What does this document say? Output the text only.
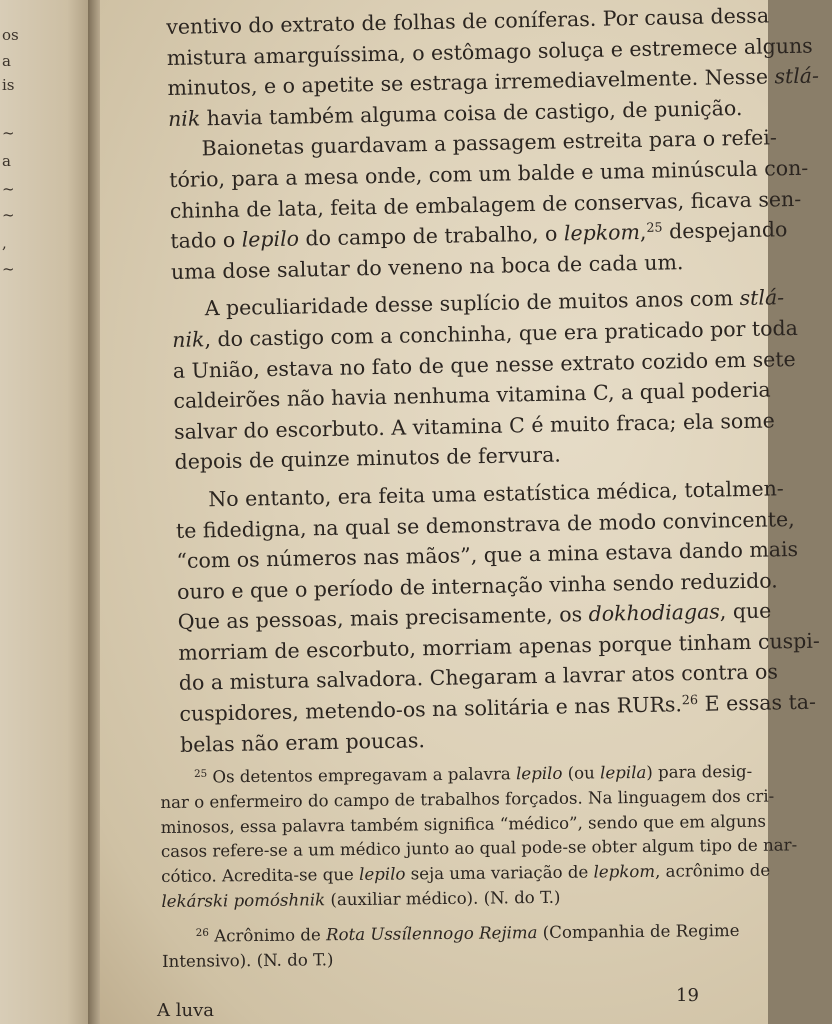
os
a
is
~
a
~
~
,
~
ventivo do extrato de folhas de coníferas. Por causa dessa
mistura amarguíssima, o estômago soluça e estremece alguns
minutos, e o apetite se estraga irremediavelmente. Nesse stlá-
nik havia também alguma coisa de castigo, de punição.
Baionetas guardavam a passagem estreita para o refei-
tório, para a mesa onde, com um balde e uma minúscula con-
chinha de lata, feita de embalagem de conservas, ficava sen-
tado o lepilo do campo de trabalho, o lepkom,$^{25}$ despejando
uma dose salutar do veneno na boca de cada um.
A peculiaridade desse suplício de muitos anos com stlá-
nik, do castigo com a conchinha, que era praticado por toda
a União, estava no fato de que nesse extrato cozido em sete
caldeirões não havia nenhuma vitamina C, a qual poderia
salvar do escorbuto. A vitamina C é muito fraca; ela some
depois de quinze minutos de fervura.
No entanto, era feita uma estatística médica, totalmen-
te fidedigna, na qual se demonstrava de modo convincente,
“com os números nas mãos”, que a mina estava dando mais
ouro e que o período de internação vinha sendo reduzido.
Que as pessoas, mais precisamente, os dokhodiagas, que
morriam de escorbuto, morriam apenas porque tinham cuspi-
do a mistura salvadora. Chegaram a lavrar atos contra os
cuspidores, metendo-os na solitária e nas RURs.$^{26}$ E essas ta-
belas não eram poucas.
$^{25}$ Os detentos empregavam a palavra lepilo (ou lepila) para desig-
nar o enfermeiro do campo de trabalhos forçados. Na linguagem dos cri-
minosos, essa palavra também significa “médico”, sendo que em alguns
casos refere-se a um médico junto ao qual pode-se obter algum tipo de nar-
cótico. Acredita-se que lepilo seja uma variação de lepkom, acrônimo de
lekárski pomóshnik (auxiliar médico). (N. do T.)
$^{26}$ Acrônimo de Rota Ussílennogo Rejima (Companhia de Regime
Intensivo). (N. do T.)
A luva
19
